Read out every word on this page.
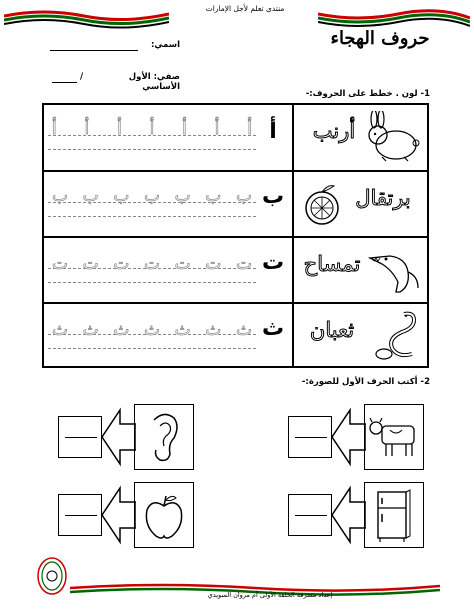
منتدى تعلم لأجل الإمارات
حروف الهجاء
اسمي:
صفي: الأول الأساسي
/
1- لون . خطط على الحروف:-
أ أ أ أ أ أ أ أ	أرنب
ب ب ب ب ب ب ب ب	برتقال
ت ت ت ت ت ت ت ت تمساح
ث ث ث ث ث ث ث ث	ثعبان
2- أكتب الحرف الأول للصورة:-
إعداد مشرفة الحلقة الأولى أم مروان السويدي
